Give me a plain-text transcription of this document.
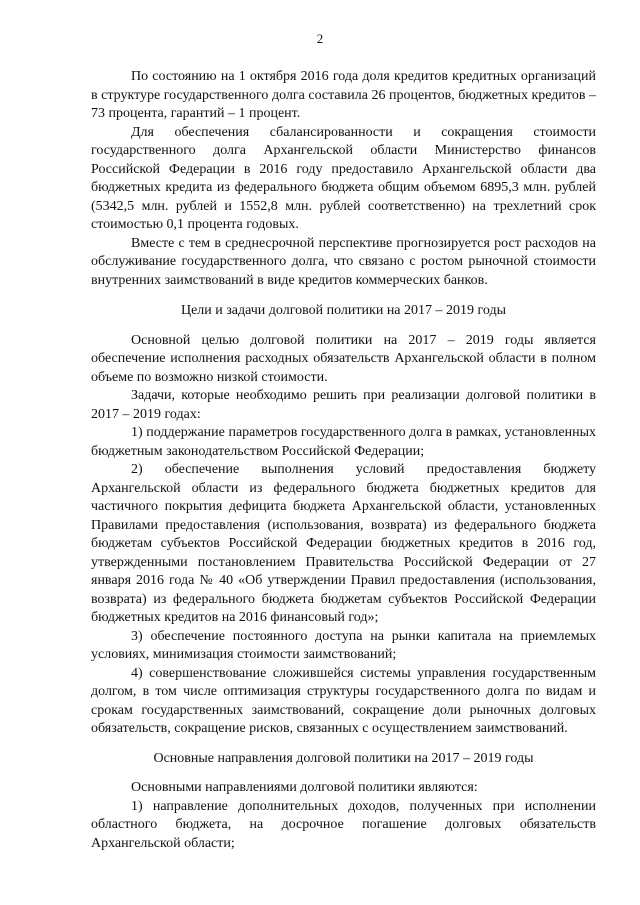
2

По состоянию на 1 октября 2016 года доля кредитов кредитных организаций в структуре государственного долга составила 26 процентов, бюджетных кредитов – 73 процента, гарантий – 1 процент.

Для обеспечения сбалансированности и сокращения стоимости государственного долга Архангельской области Министерство финансов Российской Федерации в 2016 году предоставило Архангельской области два бюджетных кредита из федерального бюджета общим объемом 6895,3 млн. рублей (5342,5 млн. рублей и 1552,8 млн. рублей соответственно) на трехлетний срок стоимостью 0,1 процента годовых.

Вместе с тем в среднесрочной перспективе прогнозируется рост расходов на обслуживание государственного долга, что связано с ростом рыночной стоимости внутренних заимствований в виде кредитов коммерческих банков.

Цели и задачи долговой политики на 2017 – 2019 годы

Основной целью долговой политики на 2017 – 2019 годы является обеспечение исполнения расходных обязательств Архангельской области в полном объеме по возможно низкой стоимости.

Задачи, которые необходимо решить при реализации долговой политики в 2017 – 2019 годах:

1) поддержание параметров государственного долга в рамках, установленных бюджетным законодательством Российской Федерации;

2) обеспечение выполнения условий предоставления бюджету Архангельской области из федерального бюджета бюджетных кредитов для частичного покрытия дефицита бюджета Архангельской области, установленных Правилами предоставления (использования, возврата) из федерального бюджета бюджетам субъектов Российской Федерации бюджетных кредитов в 2016 год, утвержденными постановлением Правительства Российской Федерации от 27 января 2016 года № 40 «Об утверждении Правил предоставления (использования, возврата) из федерального бюджета бюджетам субъектов Российской Федерации бюджетных кредитов на 2016 финансовый год»;

3) обеспечение постоянного доступа на рынки капитала на приемлемых условиях, минимизация стоимости заимствований;

4) совершенствование сложившейся системы управления государственным долгом, в том числе оптимизация структуры государственного долга по видам и срокам государственных заимствований, сокращение доли рыночных долговых обязательств, сокращение рисков, связанных с осуществлением заимствований.

Основные направления долговой политики на 2017 – 2019 годы

Основными направлениями долговой политики являются:

1) направление дополнительных доходов, полученных при исполнении областного бюджета, на досрочное погашение долговых обязательств Архангельской области;
